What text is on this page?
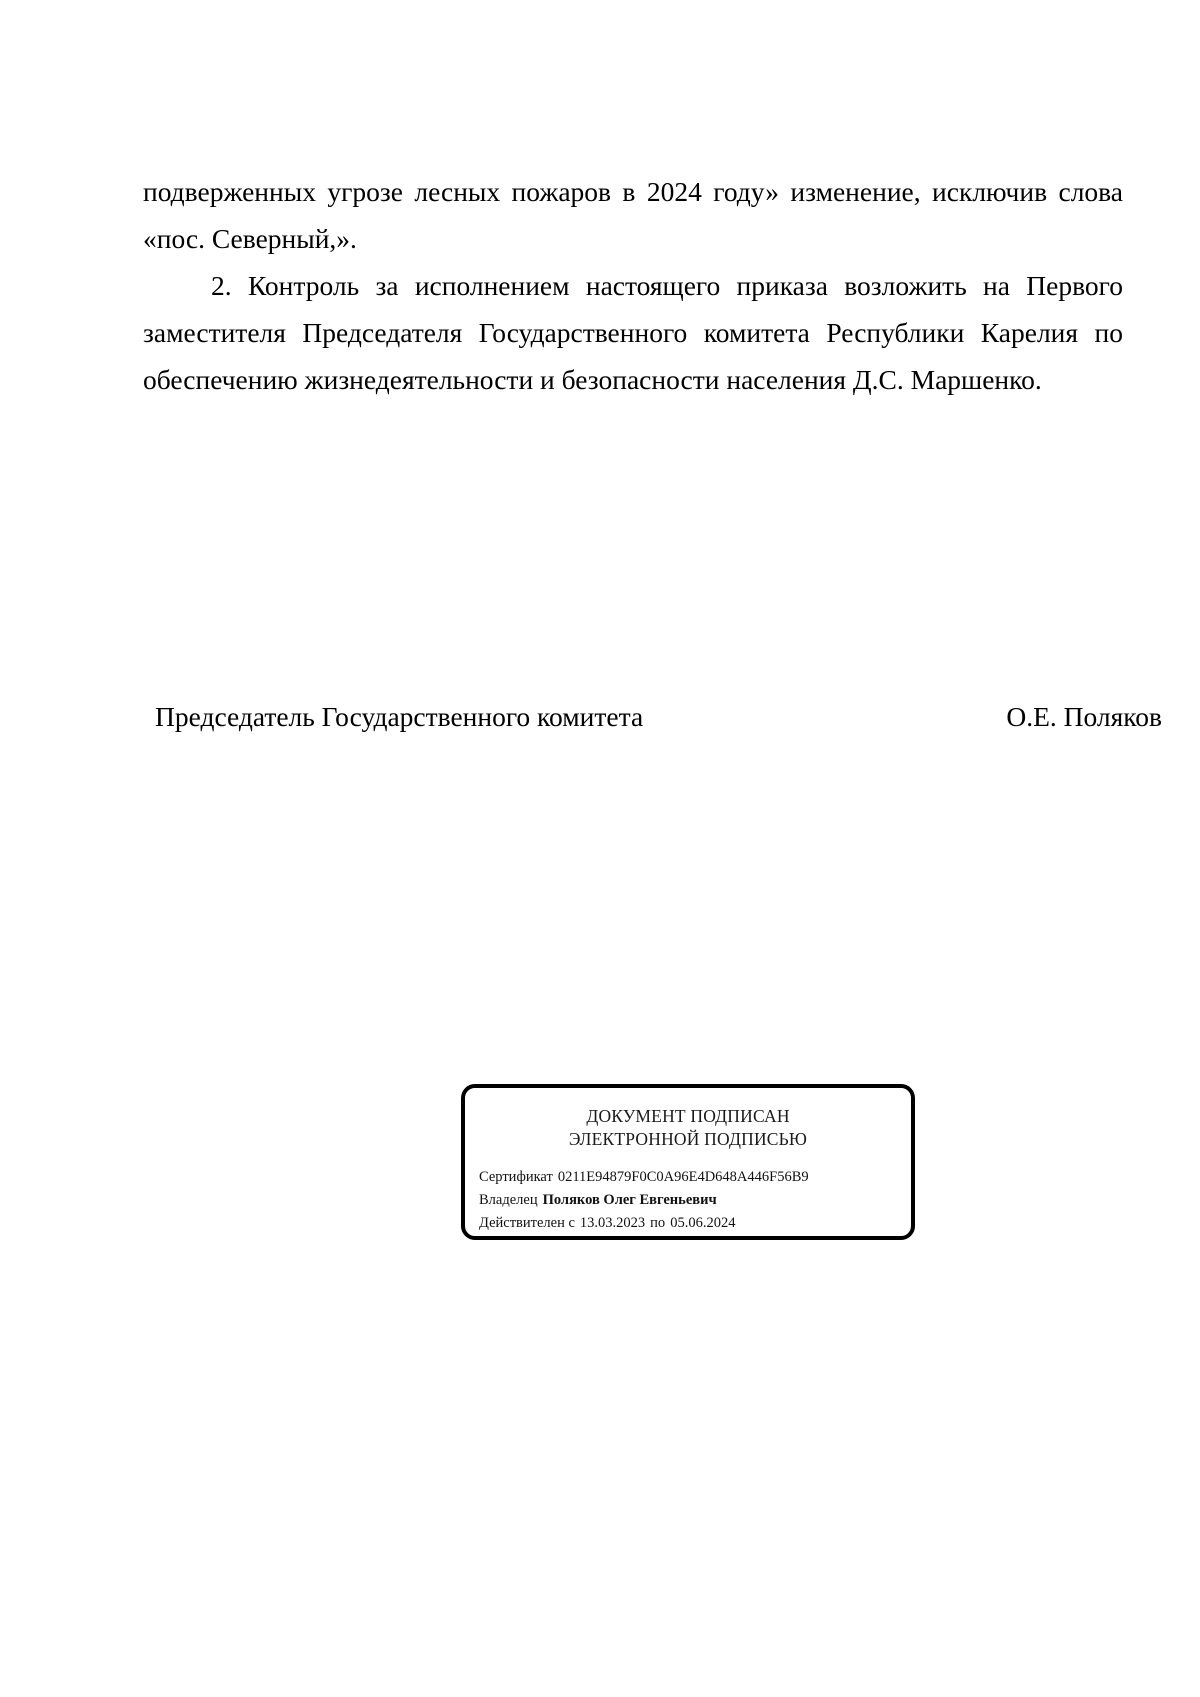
подверженных угрозе лесных пожаров в 2024 году» изменение, исключив слова «пос. Северный,».

2. Контроль за исполнением настоящего приказа возложить на Первого заместителя Председателя Государственного комитета Республики Карелия по обеспечению жизнедеятельности и безопасности населения Д.С. Маршенко.

Председатель Государственного комитета	О.Е. Поляков
ДОКУМЕНТ ПОДПИСАН
ЭЛЕКТРОННОЙ ПОДПИСЬЮ
Сертификат 0211E94879F0C0A96E4D648A446F56B9
Владелец Поляков Олег Евгеньевич
Действителен с 13.03.2023 по 05.06.2024
